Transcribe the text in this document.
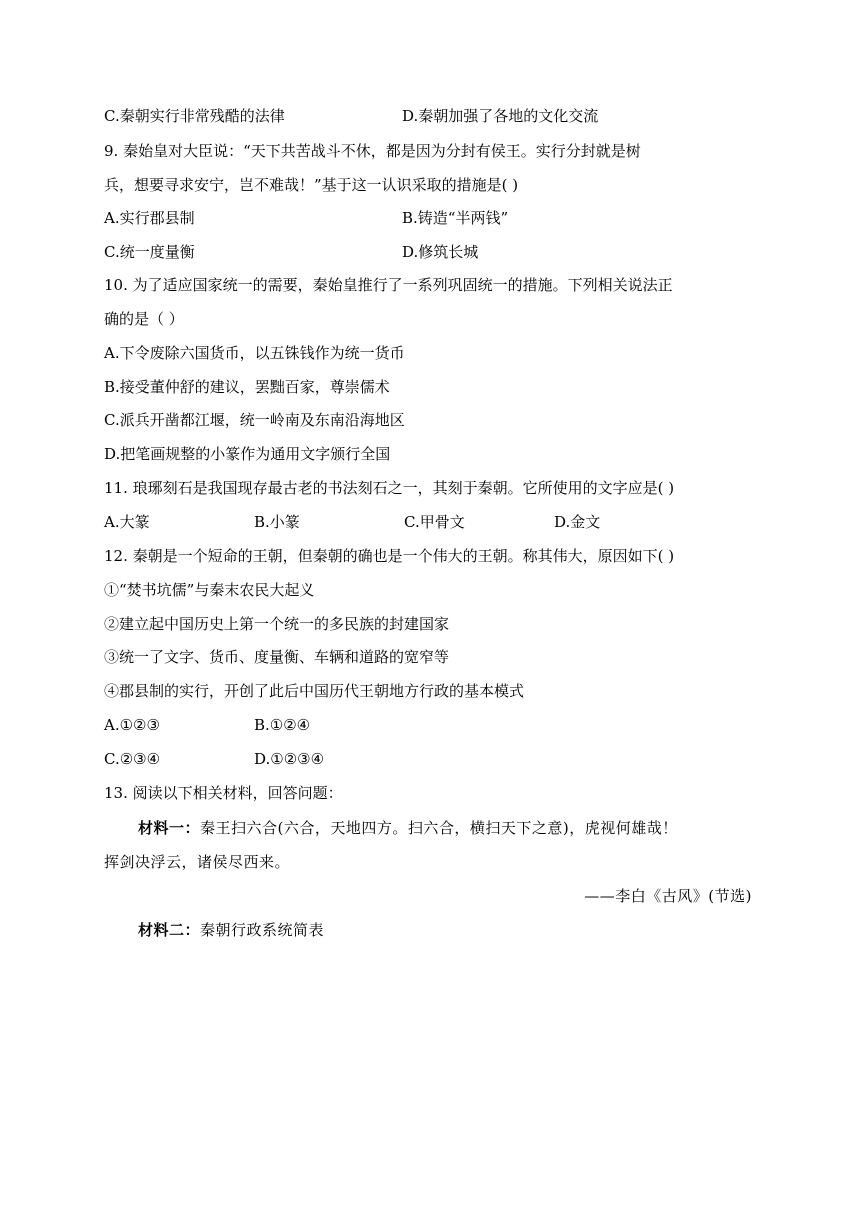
C.秦朝实行非常残酷的法律	D.秦朝加强了各地的文化交流
9. 秦始皇对大臣说：“天下共苦战斗不休，都是因为分封有侯王。实行分封就是树
兵，想要寻求安宁，岂不难哉！”基于这一认识采取的措施是( )
A.实行郡县制	B.铸造“半两钱”
C.统一度量衡	D.修筑长城
10. 为了适应国家统一的需要，秦始皇推行了一系列巩固统一的措施。下列相关说法正
确的是（ ）
A.下令废除六国货币，以五铢钱作为统一货币
B.接受董仲舒的建议，罢黜百家，尊崇儒术
C.派兵开凿都江堰，统一岭南及东南沿海地区
D.把笔画规整的小篆作为通用文字颁行全国
11. 琅琊刻石是我国现存最古老的书法刻石之一，其刻于秦朝。它所使用的文字应是( )
A.大篆	B.小篆	C.甲骨文	D.金文
12. 秦朝是一个短命的王朝，但秦朝的确也是一个伟大的王朝。称其伟大，原因如下( )
①“焚书坑儒”与秦末农民大起义
②建立起中国历史上第一个统一的多民族的封建国家
③统一了文字、货币、度量衡、车辆和道路的宽窄等
④郡县制的实行，开创了此后中国历代王朝地方行政的基本模式
A.①②③	B.①②④
C.②③④	D.①②③④
13. 阅读以下相关材料，回答问题：
材料一：秦王扫六合(六合，天地四方。扫六合，横扫天下之意)，虎视何雄哉！
挥剑决浮云，诸侯尽西来。
——李白《古风》(节选)
材料二：秦朝行政系统简表
